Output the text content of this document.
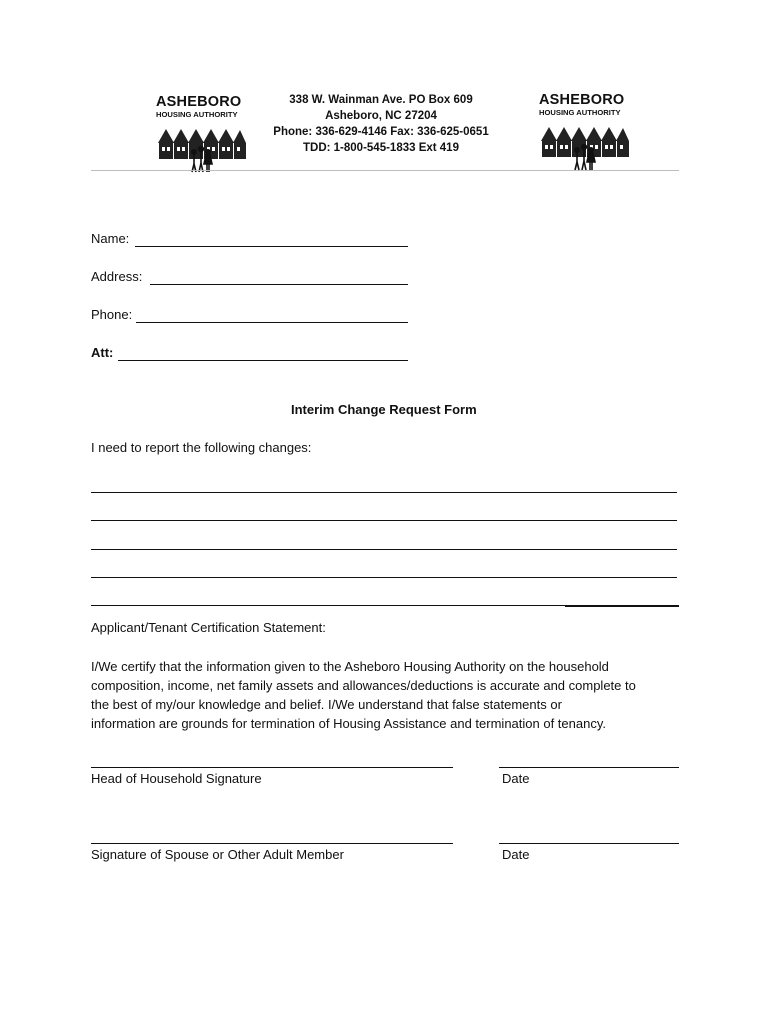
ASHEBORO
HOUSING AUTHORITY
338 W. Wainman Ave. PO Box 609
Asheboro, NC 27204
Phone: 336-629-4146 Fax: 336-625-0651
TDD: 1-800-545-1833 Ext 419
ASHEBORO
HOUSING AUTHORITY
Name:
Address:
Phone:
Att:
Interim Change Request Form
I need to report the following changes:
Applicant/Tenant Certification Statement:
I/We certify that the information given to the Asheboro Housing Authority on the household
composition, income, net family assets and allowances/deductions is accurate and complete to
the best of my/our knowledge and belief. I/We understand that false statements or
information are grounds for termination of Housing Assistance and termination of tenancy.
Head of Household Signature	Date
Signature of Spouse or Other Adult Member	Date
